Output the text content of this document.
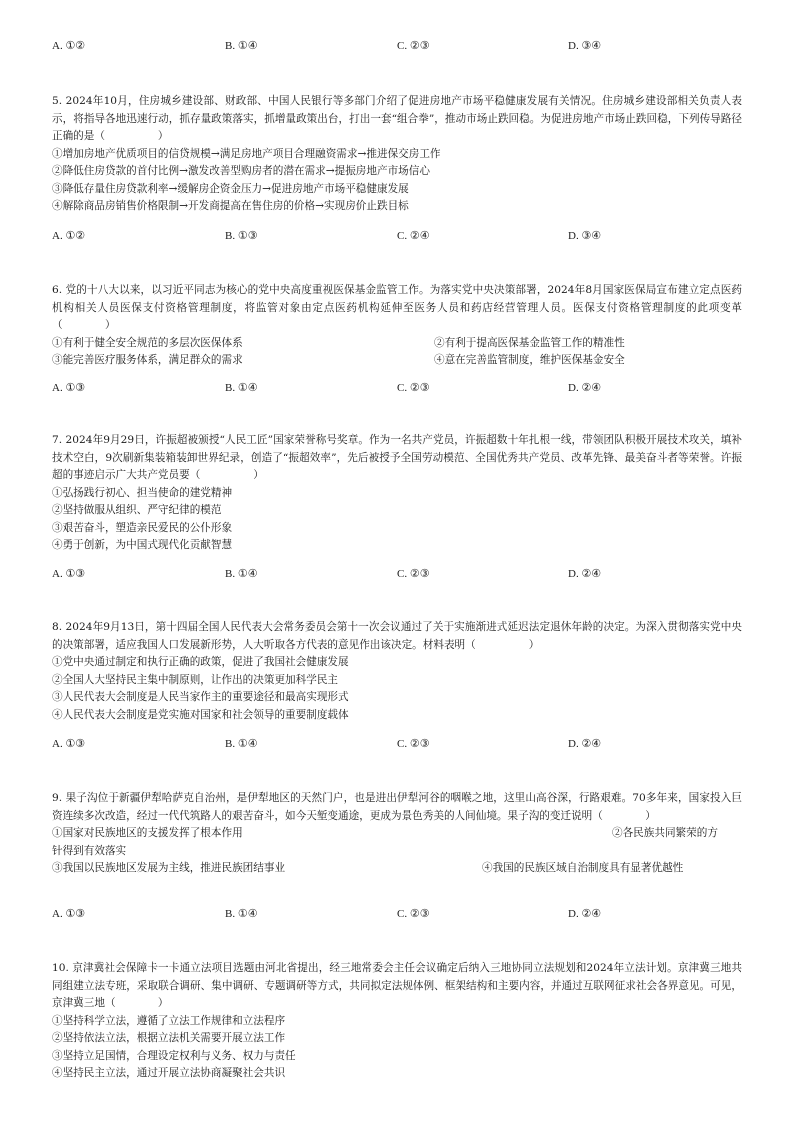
A. ①②	B. ①④	C. ②③	D. ③④

5. 2024年10月，住房城乡建设部、财政部、中国人民银行等多部门介绍了促进房地产市场平稳健康发展有关情况。住房城乡建设部相关负责人表示，将指导各地迅速行动，抓存量政策落实，抓增量政策出台，打出一套“组合拳”，推动市场止跌回稳。为促进房地产市场止跌回稳，下列传导路径正确的是（　　　　　）

①增加房地产优质项目的信贷规模→满足房地产项目合理融资需求→推进保交房工作

②降低住房贷款的首付比例→激发改善型购房者的潜在需求→提振房地产市场信心

③降低存量住房贷款利率→缓解房企资金压力→促进房地产市场平稳健康发展

④解除商品房销售价格限制→开发商提高在售住房的价格→实现房价止跌目标

A. ①②	B. ①③	C. ②④	D. ③④

6. 党的十八大以来，以习近平同志为核心的党中央高度重视医保基金监管工作。为落实党中央决策部署，2024年8月国家医保局宣布建立定点医药机构相关人员医保支付资格管理制度，将监管对象由定点医药机构延伸至医务人员和药店经营管理人员。医保支付资格管理制度的此项变革（　　　　）

①有利于健全安全规范的多层次医保体系	②有利于提高医保基金监管工作的精准性
③能完善医疗服务体系，满足群众的需求	④意在完善监管制度，维护医保基金安全
A. ①③	B. ①④	C. ②③	D. ②④

7. 2024年9月29日，许振超被颁授“人民工匠”国家荣誉称号奖章。作为一名共产党员，许振超数十年扎根一线，带领团队积极开展技术攻关，填补技术空白，9次刷新集装箱装卸世界纪录，创造了“振超效率”，先后被授予全国劳动模范、全国优秀共产党员、改革先锋、最美奋斗者等荣誉。许振超的事迹启示广大共产党员要（　　　　　）

①弘扬践行初心、担当使命的建党精神

②坚持做服从组织、严守纪律的模范

③艰苦奋斗，塑造亲民爱民的公仆形象

④勇于创新，为中国式现代化贡献智慧

A. ①③	B. ①④	C. ②③	D. ②④

8. 2024年9月13日，第十四届全国人民代表大会常务委员会第十一次会议通过了关于实施渐进式延迟法定退休年龄的决定。为深入贯彻落实党中央的决策部署，适应我国人口发展新形势，人大听取各方代表的意见作出该决定。材料表明（　　　　　）

①党中央通过制定和执行正确的政策，促进了我国社会健康发展

②全国人大坚持民主集中制原则，让作出的决策更加科学民主

③人民代表大会制度是人民当家作主的重要途径和最高实现形式

④人民代表大会制度是党实施对国家和社会领导的重要制度载体

A. ①③	B. ①④	C. ②③	D. ②④

9. 果子沟位于新疆伊犁哈萨克自治州，是伊犁地区的天然门户，也是进出伊犁河谷的咽喉之地，这里山高谷深，行路艰难。70多年来，国家投入巨资连续多次改造，经过一代代筑路人的艰苦奋斗，如今天堑变通途，更成为景色秀美的人间仙境。果子沟的变迁说明（　　　　）

①国家对民族地区的支援发挥了根本作用	②各民族共同繁荣的方
针得到有效落实
③我国以民族地区发展为主线，推进民族团结事业	④我国的民族区域自治制度具有显著优越性
A. ①③	B. ①④	C. ②③	D. ②④

10. 京津冀社会保障卡一卡通立法项目选题由河北省提出，经三地常委会主任会议确定后纳入三地协同立法规划和2024年立法计划。京津冀三地共同组建立法专班，采取联合调研、集中调研、专题调研等方式，共同拟定法规体例、框架结构和主要内容，并通过互联网征求社会各界意见。可见，京津冀三地（　　　　）

①坚持科学立法，遵循了立法工作规律和立法程序

②坚持依法立法，根据立法机关需要开展立法工作

③坚持立足国情，合理设定权利与义务、权力与责任

④坚持民主立法，通过开展立法协商凝聚社会共识
